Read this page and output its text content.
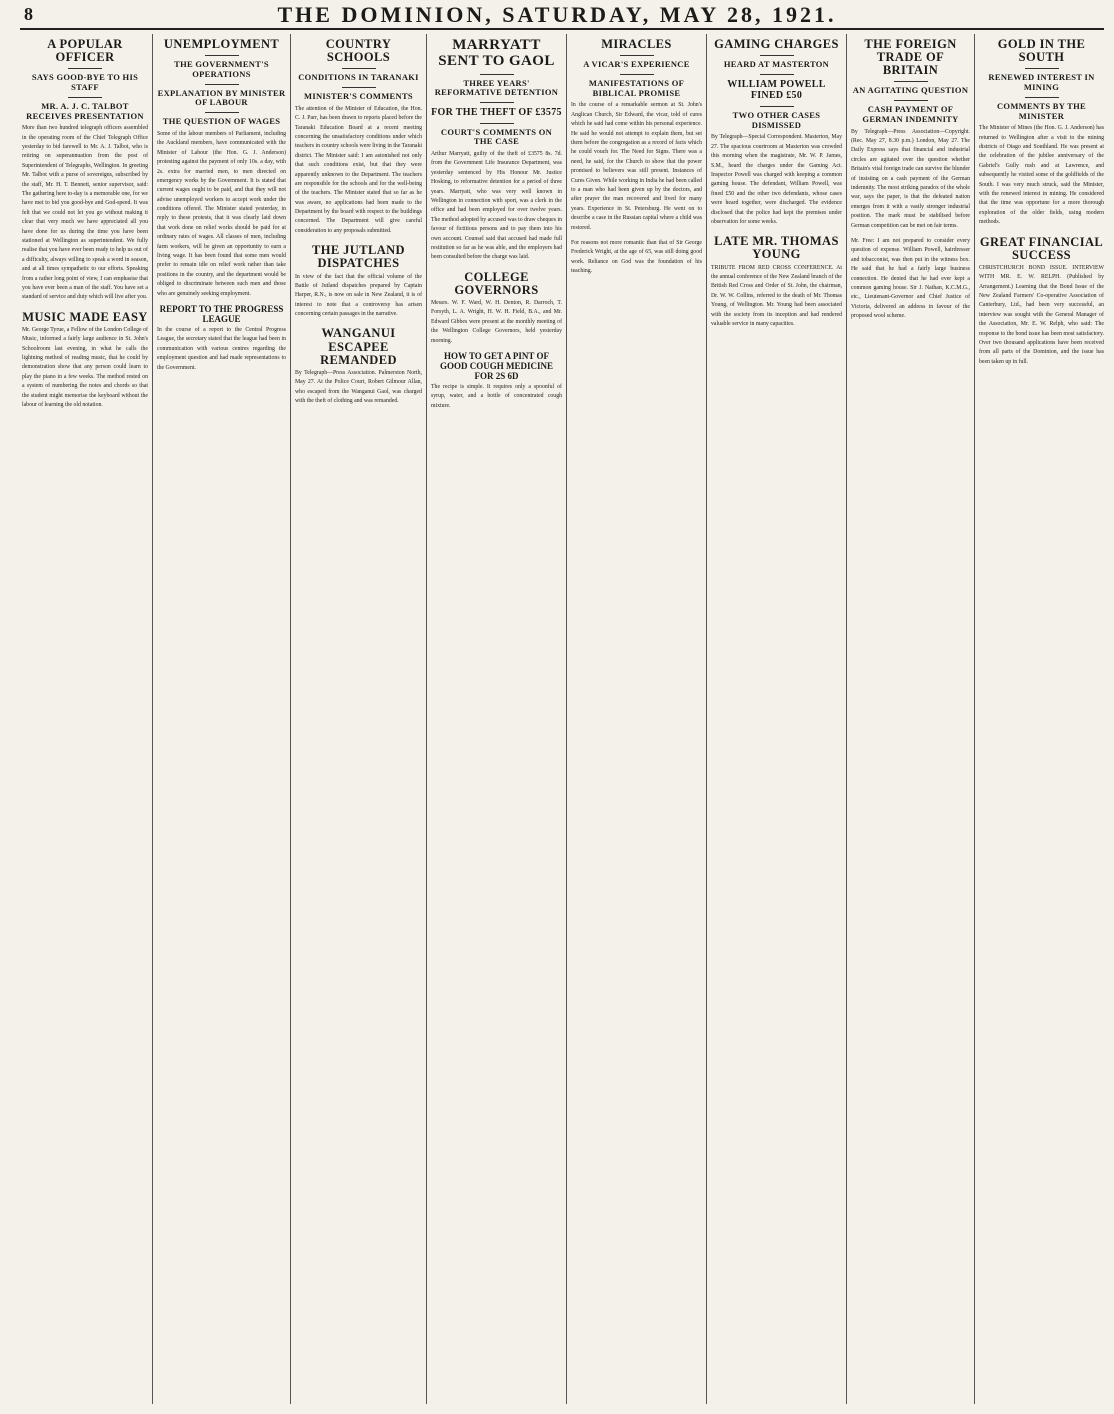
8	THE DOMINION, SATURDAY, MAY 28, 1921.
A POPULAR OFFICER
SAYS GOOD-BYE TO HIS STAFF
MR. A. J. C. TALBOT RECEIVES PRESENTATION
More than two hundred telegraph officers assembled in the operating room of the Chief Telegraph Office yesterday to bid farewell to Mr. A. J. Talbot, who is retiring on superannuation from the post of Superintendent of Telegraphs, Wellington. In greeting Mr. Talbot with a purse of sovereigns, subscribed by the staff, Mr. H. T. Bennett, senior supervisor, said: The gathering here to-day is a memorable one, for we have met to bid you good-bye and God-speed. It was felt that we could not let you go without making it clear that very much we have appreciated all you have done for us during the time you have been stationed at Wellington as superintendent. We fully realise that you have ever been ready to help us out of a difficulty, always willing to speak a word in season, and at all times sympathetic to our efforts. Speaking from a rather long point of view, I can emphasise that you have ever been a man of the staff. You have set a standard of service and duty which will live after you.
MUSIC MADE EASY
Mr. George Tyrue, a Fellow of the London College of Music, informed a fairly large audience in St. John's Schoolroom last evening, in what he calls the lightning method of reading music, that he could by demonstration show that any person could learn to play the piano in a few weeks. The method rested on a system of numbering the notes and chords so that the student might memorise the keyboard without the labour of learning the old notation.
UNEMPLOYMENT
THE GOVERNMENT'S OPERATIONS
EXPLANATION BY MINISTER OF LABOUR
THE QUESTION OF WAGES
Some of the labour members of Parliament, including the Auckland members, have communicated with the Minister of Labour (the Hon. G. J. Anderson) protesting against the payment of only 10s. a day, with 2s. extra for married men, to men directed on emergency works by the Government. It is stated that current wages ought to be paid, and that they will not advise unemployed workers to accept work under the conditions offered. The Minister stated yesterday, in reply to these protests, that it was clearly laid down that work done on relief works should be paid for at ordinary rates of wages. All classes of men, including farm workers, will be given an opportunity to earn a living wage. It has been found that some men would prefer to remain idle on relief work rather than take positions in the country, and the department would be obliged to discriminate between such men and those who are genuinely seeking employment.
REPORT TO THE PROGRESS LEAGUE
In the course of a report to the Central Progress League, the secretary stated that the league had been in communication with various centres regarding the employment question and had made representations to the Government.
COUNTRY SCHOOLS
CONDITIONS IN TARANAKI
MINISTER'S COMMENTS
The attention of the Minister of Education, the Hon. C. J. Parr, has been drawn to reports placed before the Taranaki Education Board at a recent meeting concerning the unsatisfactory conditions under which teachers in country schools were living in the Taranaki district. The Minister said: I am astonished not only that such conditions exist, but that they were apparently unknown to the Department. The teachers are responsible for the schools and for the well-being of the teachers. The Minister stated that so far as he was aware, no applications had been made to the Department by the board with respect to the buildings concerned. The Department will give careful consideration to any proposals submitted.
THE JUTLAND DISPATCHES
In view of the fact that the official volume of the Battle of Jutland dispatches prepared by Captain Harper, R.N., is now on sale in New Zealand, it is of interest to note that a controversy has arisen concerning certain passages in the narrative.
WANGANUI ESCAPEE REMANDED
By Telegraph—Press Association. Palmerston North, May 27. At the Police Court, Robert Gilmour Allan, who escaped from the Wanganui Gaol, was charged with the theft of clothing and was remanded.
MARRYATT SENT TO GAOL
THREE YEARS' REFORMATIVE DETENTION
FOR THE THEFT OF £3575
COURT'S COMMENTS ON THE CASE
Arthur Marryatt, guilty of the theft of £3575 8s. 7d. from the Government Life Insurance Department, was yesterday sentenced by His Honour Mr. Justice Hosking, to reformative detention for a period of three years. Marryatt, who was very well known in Wellington in connection with sport, was a clerk in the office and had been employed for over twelve years. The method adopted by accused was to draw cheques in favour of fictitious persons and to pay them into his own account. Counsel said that accused had made full restitution so far as he was able, and the employers had been consulted before the charge was laid.
COLLEGE GOVERNORS
Messrs. W. F. Ward, W. H. Denton, R. Darroch, T. Forsyth, L. A. Wright, H. W. H. Field, B.A., and Mr. Edward Gibbes were present at the monthly meeting of the Wellington College Governors, held yesterday morning.
HOW TO GET A PINT OF GOOD COUGH MEDICINE FOR 2S 6D
The recipe is simple. It requires only a spoonful of syrup, water, and a bottle of concentrated cough mixture.
MIRACLES
A VICAR'S EXPERIENCE
MANIFESTATIONS OF BIBLICAL PROMISE
In the course of a remarkable sermon at St. John's Anglican Church, Sir Edward, the vicar, told of cures which he said had come within his personal experience. He said he would not attempt to explain them, but set them before the congregation as a record of facts which he could vouch for. The Need for Signs. There was a need, he said, for the Church to show that the power promised to believers was still present. Instances of Cures Given. While working in India he had been called to a man who had been given up by the doctors, and after prayer the man recovered and lived for many years. Experience in St. Petersburg. He went on to describe a case in the Russian capital where a child was restored.
For reasons not more romantic than that of Sir George Frederick Wright, at the age of 65, was still doing good work. Reliance on God was the foundation of his teaching.
GAMING CHARGES
HEARD AT MASTERTON
WILLIAM POWELL FINED £50
TWO OTHER CASES DISMISSED
By Telegraph—Special Correspondent. Masterton, May 27. The spacious courtroom at Masterton was crowded this morning when the magistrate, Mr. W. P. James, S.M., heard the charges under the Gaming Act. Inspector Powell was charged with keeping a common gaming house. The defendant, William Powell, was fined £50 and the other two defendants, whose cases were heard together, were discharged. The evidence disclosed that the police had kept the premises under observation for some weeks.
LATE MR. THOMAS YOUNG
TRIBUTE FROM RED CROSS CONFERENCE. At the annual conference of the New Zealand branch of the British Red Cross and Order of St. John, the chairman, Dr. W. W. Collins, referred to the death of Mr. Thomas Young, of Wellington. Mr. Young had been associated with the society from its inception and had rendered valuable service in many capacities.
THE FOREIGN TRADE OF BRITAIN
AN AGITATING QUESTION
CASH PAYMENT OF GERMAN INDEMNITY
By Telegraph—Press Association—Copyright. (Rec. May 27, 8.30 p.m.) London, May 27. The Daily Express says that financial and industrial circles are agitated over the question whether Britain's vital foreign trade can survive the blunder of insisting on a cash payment of the German indemnity. The most striking paradox of the whole war, says the paper, is that the defeated nation emerges from it with a vastly stronger industrial position. The mark must be stabilised before German competition can be met on fair terms.
Mr. Free: I am not prepared to consider every question of expense. William Powell, hairdresser and tobacconist, was then put in the witness box. He said that he had a fairly large business connection. He denied that he had ever kept a common gaming house. Sir J. Nathan, K.C.M.G., etc., Lieutenant-Governor and Chief Justice of Victoria, delivered an address in favour of the proposed wool scheme.
GOLD IN THE SOUTH
RENEWED INTEREST IN MINING
COMMENTS BY THE MINISTER
The Minister of Mines (the Hon. G. J. Anderson) has returned to Wellington after a visit to the mining districts of Otago and Southland. He was present at the celebration of the jubilee anniversary of the Gabriel's Gully rush and at Lawrence, and subsequently he visited some of the goldfields of the South. I was very much struck, said the Minister, with the renewed interest in mining. He considered that the time was opportune for a more thorough exploration of the older fields, using modern methods.
GREAT FINANCIAL SUCCESS
CHRISTCHURCH BOND ISSUE. INTERVIEW WITH MR. E. W. RELPH. (Published by Arrangement.) Learning that the Bond Issue of the New Zealand Farmers' Co-operative Association of Canterbury, Ltd., had been very successful, an interview was sought with the General Manager of the Association, Mr. E. W. Relph, who said: The response to the bond issue has been most satisfactory. Over two thousand applications have been received from all parts of the Dominion, and the issue has been taken up in full.
